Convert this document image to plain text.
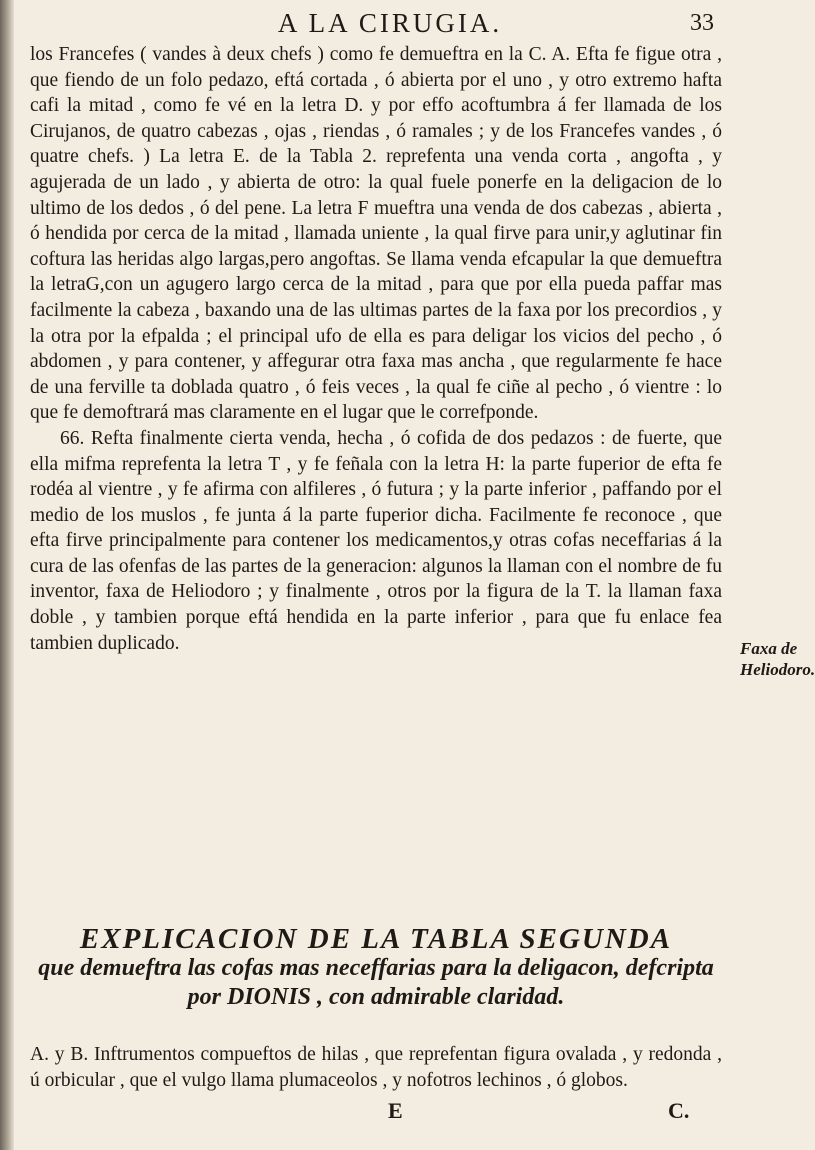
A LA CIRUGIA.	33

los Francefes ( vandes à deux chefs ) como fe demueftra en la C. A. Efta fe figue otra , que fiendo de un folo pedazo, eftá cortada , ó abierta por el uno , y otro extremo hafta cafi la mitad , como fe vé en la letra D. y por effo acoftumbra á fer llamada de los Cirujanos, de quatro cabezas , ojas , riendas , ó ramales ; y de los Francefes vandes , ó quatre chefs. ) La letra E. de la Tabla 2. reprefenta una venda corta , angofta , y agujerada de un lado , y abierta de otro: la qual fuele ponerfe en la deligacion de lo ultimo de los dedos , ó del pene. La letra F mueftra una venda de dos cabezas , abierta , ó hendida por cerca de la mitad , llamada uniente , la qual firve para unir,y aglutinar fin coftura las heridas algo largas,pero angoftas. Se llama venda efcapular la que demueftra la letraG,con un agugero largo cerca de la mitad , para que por ella pueda paffar mas facilmente la cabeza , baxando una de las ultimas partes de la faxa por los precordios , y la otra por la efpalda ; el principal ufo de ella es para deligar los vicios del pecho , ó abdomen , y para contener, y affegurar otra faxa mas ancha , que regularmente fe hace de una ferville ta doblada quatro , ó feis veces , la qual fe ciñe al pecho , ó vientre : lo que fe demoftrará mas claramente en el lugar que le correfponde.

66. Refta finalmente cierta venda, hecha , ó cofida de dos pedazos : de fuerte, que ella mifma reprefenta la letra T , y fe feñala con la letra H: la parte fuperior de efta fe rodéa al vientre , y fe afirma con alfileres , ó futura ; y la parte inferior , paffando por el medio de los muslos , fe junta á la parte fuperior dicha. Facilmente fe reconoce , que efta firve principalmente para contener los medicamentos,y otras cofas neceffarias á la cura de las ofenfas de las partes de la generacion: algunos la llaman con el nombre de fu inventor, faxa de Heliodoro ; y finalmente , otros por la figura de la T. la llaman faxa doble , y tambien porque eftá hendida en la parte inferior , para que fu enlace fea tambien duplicado.	Faxa de Heliodoro.
EXPLICACION DE LA TABLA SEGUNDA
que demueftra las cofas mas neceffarias para la deligacon, defcripta por DIONIS , con admirable claridad.
A. y B. Inftrumentos compueftos de hilas , que reprefentan figura ovalada , y redonda , ú orbicular , que el vulgo llama plumaceolos , y nofotros lechinos , ó globos.
E	C.
